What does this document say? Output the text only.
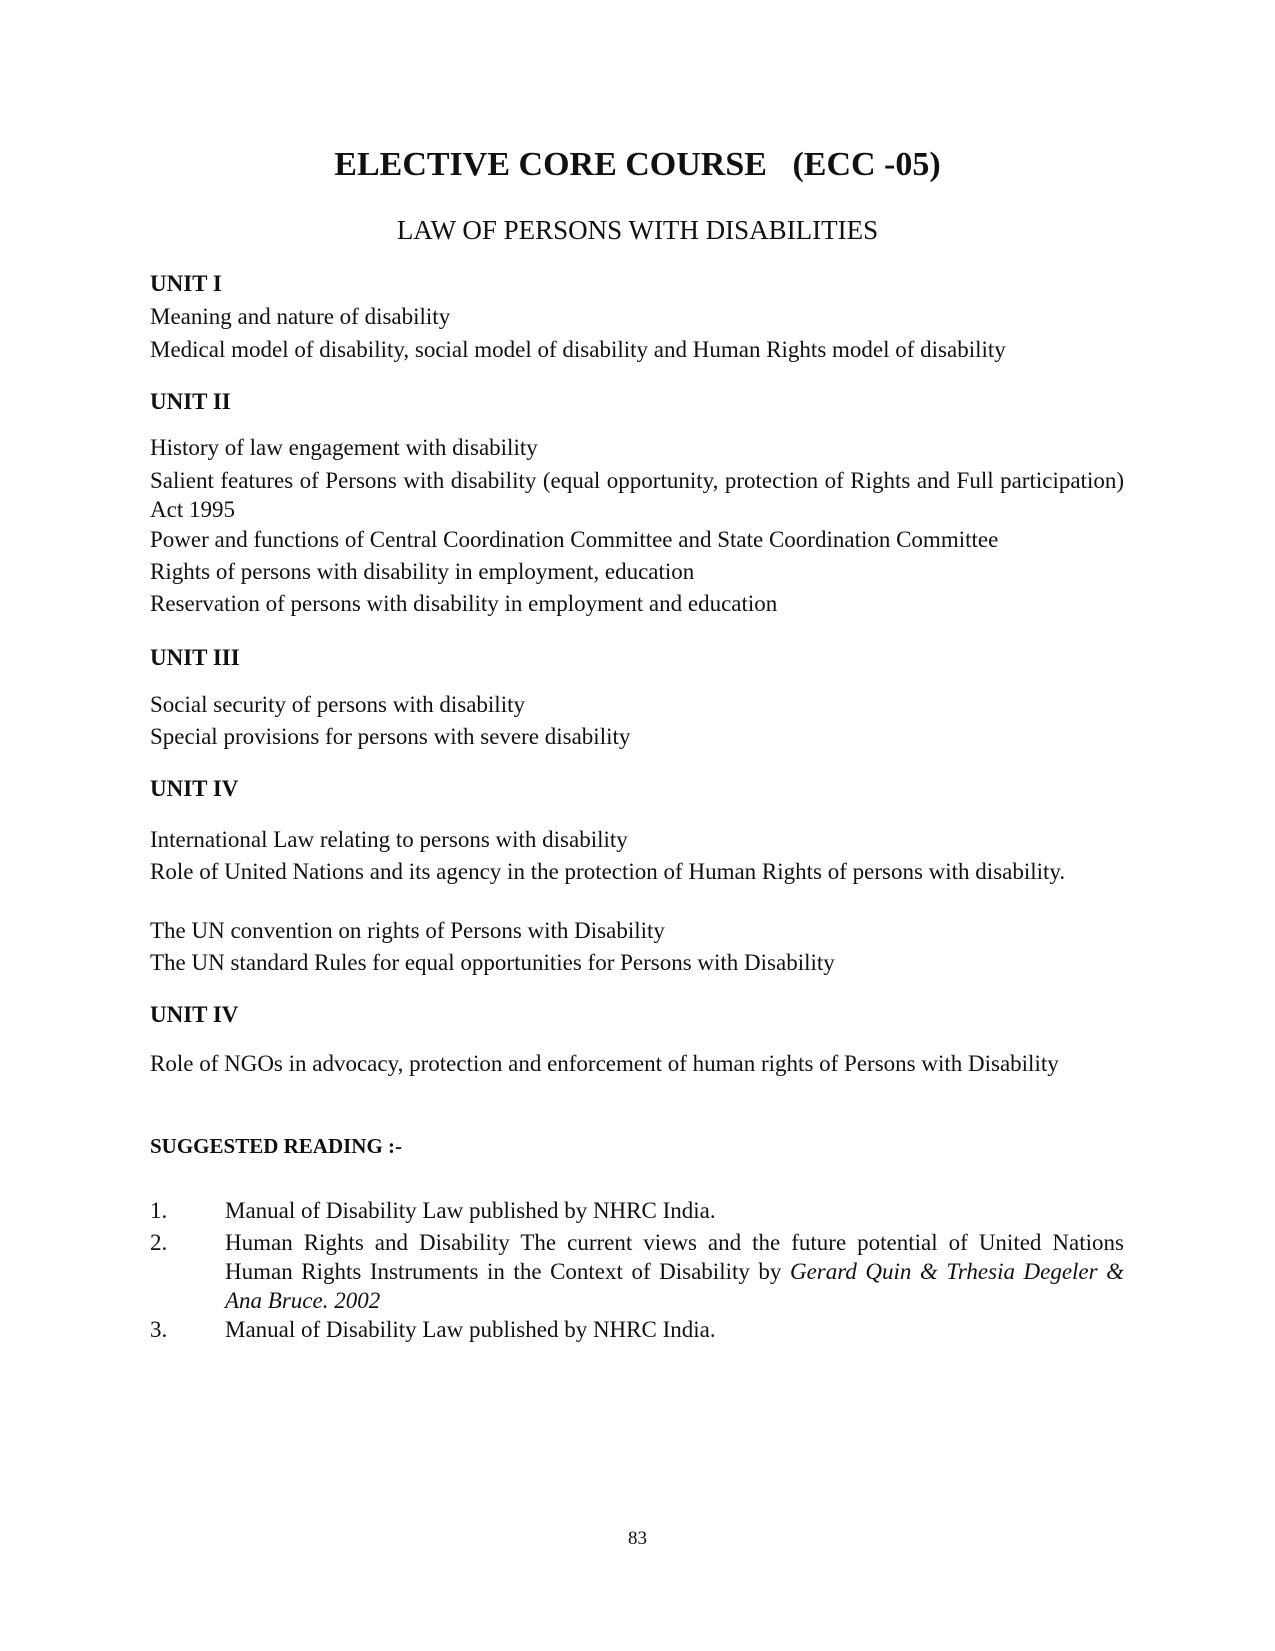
ELECTIVE CORE COURSE   (ECC -05)
LAW OF PERSONS WITH DISABILITIES
UNIT I
Meaning and nature of disability
Medical model of disability, social model of disability and Human Rights model of disability
UNIT II
History of law engagement with disability
Salient features of Persons with disability (equal opportunity, protection of Rights and Full participation) Act 1995
Power and functions of Central Coordination Committee and State Coordination Committee
Rights of persons with disability in employment, education
Reservation of persons with disability in employment and education
UNIT III
Social security of persons with disability
Special provisions for persons with severe disability
UNIT IV
International Law relating to persons with disability
Role of United Nations and its agency in the protection of Human Rights of persons with disability.
The UN convention on rights of Persons with Disability
The UN standard Rules for equal opportunities for Persons with Disability
UNIT IV
Role of NGOs in advocacy, protection and enforcement of human rights of Persons with Disability
SUGGESTED READING :-
1.	Manual of Disability Law published by NHRC India.
2.	Human Rights and Disability The current views and the future potential of United Nations Human Rights Instruments in the Context of Disability by Gerard Quin & Trhesia Degeler & Ana Bruce. 2002
3.	Manual of Disability Law published by NHRC India.
83
